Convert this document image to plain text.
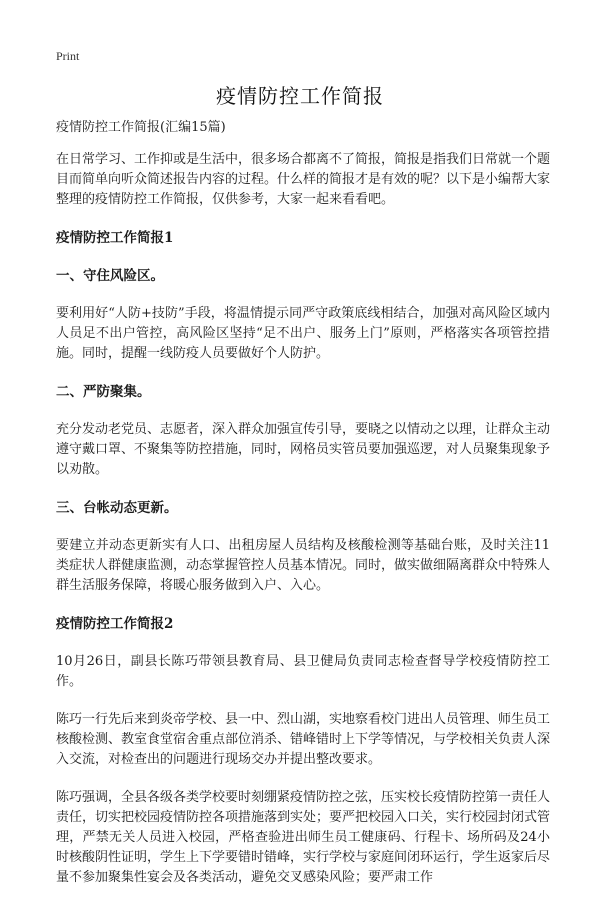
Print
疫情防控工作简报

疫情防控工作简报(汇编15篇)

在日常学习、工作抑或是生活中，很多场合都离不了简报，简报是指我们日常就一个题目而简单向听众简述报告内容的过程。什么样的简报才是有效的呢？以下是小编帮大家整理的疫情防控工作简报，仅供参考，大家一起来看看吧。

疫情防控工作简报1

一、守住风险区。

要利用好“人防+技防”手段，将温情提示同严守政策底线相结合，加强对高风险区域内人员足不出户管控，高风险区坚持“足不出户、服务上门”原则，严格落实各项管控措施。同时，提醒一线防疫人员要做好个人防护。

二、严防聚集。

充分发动老党员、志愿者，深入群众加强宣传引导，要晓之以情动之以理，让群众主动遵守戴口罩、不聚集等防控措施，同时，网格员实管员要加强巡逻，对人员聚集现象予以劝散。

三、台帐动态更新。

要建立并动态更新实有人口、出租房屋人员结构及核酸检测等基础台账，及时关注11类症状人群健康监测，动态掌握管控人员基本情况。同时，做实做细隔离群众中特殊人群生活服务保障，将暖心服务做到入户、入心。

疫情防控工作简报2

10月26日，副县长陈巧带领县教育局、县卫健局负责同志检查督导学校疫情防控工作。

陈巧一行先后来到炎帝学校、县一中、烈山湖，实地察看校门进出人员管理、师生员工核酸检测、教室食堂宿舍重点部位消杀、错峰错时上下学等情况，与学校相关负责人深入交流，对检查出的问题进行现场交办并提出整改要求。

陈巧强调，全县各级各类学校要时刻绷紧疫情防控之弦，压实校长疫情防控第一责任人责任，切实把校园疫情防控各项措施落到实处；要严把校园入口关，实行校园封闭式管理，严禁无关人员进入校园，严格查验进出师生员工健康码、行程卡、场所码及24小时核酸阴性证明，学生上下学要错时错峰，实行学校与家庭间闭环运行，学生返家后尽量不参加聚集性宴会及各类活动，避免交叉感染风险；要严肃工作
